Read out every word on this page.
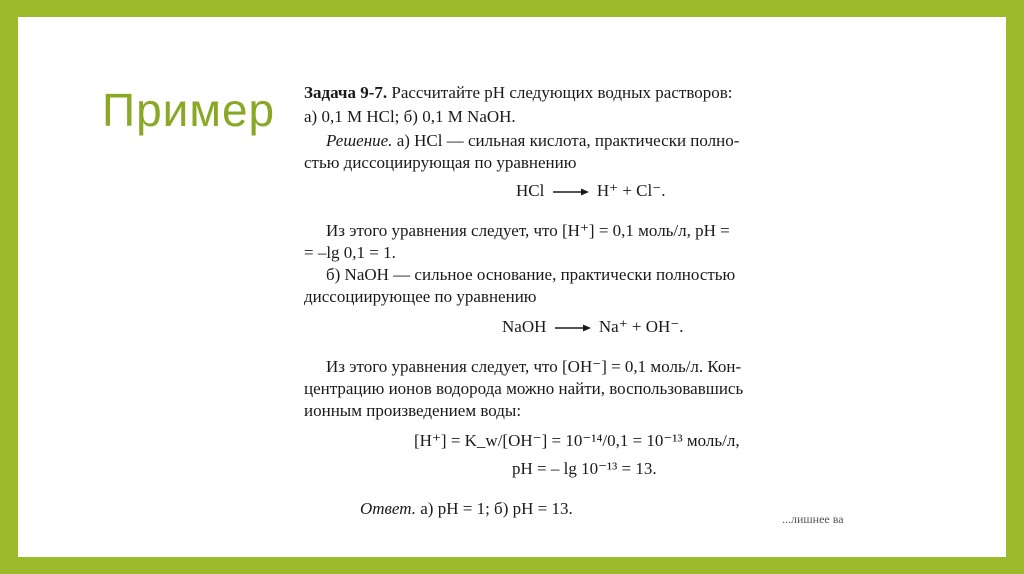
Пример Задача 9-7. Рассчитайте pH следующих водных растворов:
а) 0,1 М HCl; б) 0,1 М NaOH.
Решение. а) HCl — сильная кислота, практически полно-
стью диссоциирующая по уравнению
HCl → H⁺ + Cl⁻.
Из этого уравнения следует, что [H⁺] = 0,1 моль/л, pH =
= –lg 0,1 = 1.
б) NaOH — сильное основание, практически полностью
диссоциирующее по уравнению
NaOH → Na⁺ + OH⁻.
Из этого уравнения следует, что [OH⁻] = 0,1 моль/л. Кон-
центрацию ионов водорода можно найти, воспользовавшись
ионным произведением воды:
[H⁺] = K_w/[OH⁻] = 10⁻¹⁴/0,1 = 10⁻¹³ моль/л,
pH = – lg 10⁻¹³ = 13.
Ответ. а) pH = 1; б) pH = 13.
...лишнее ва
